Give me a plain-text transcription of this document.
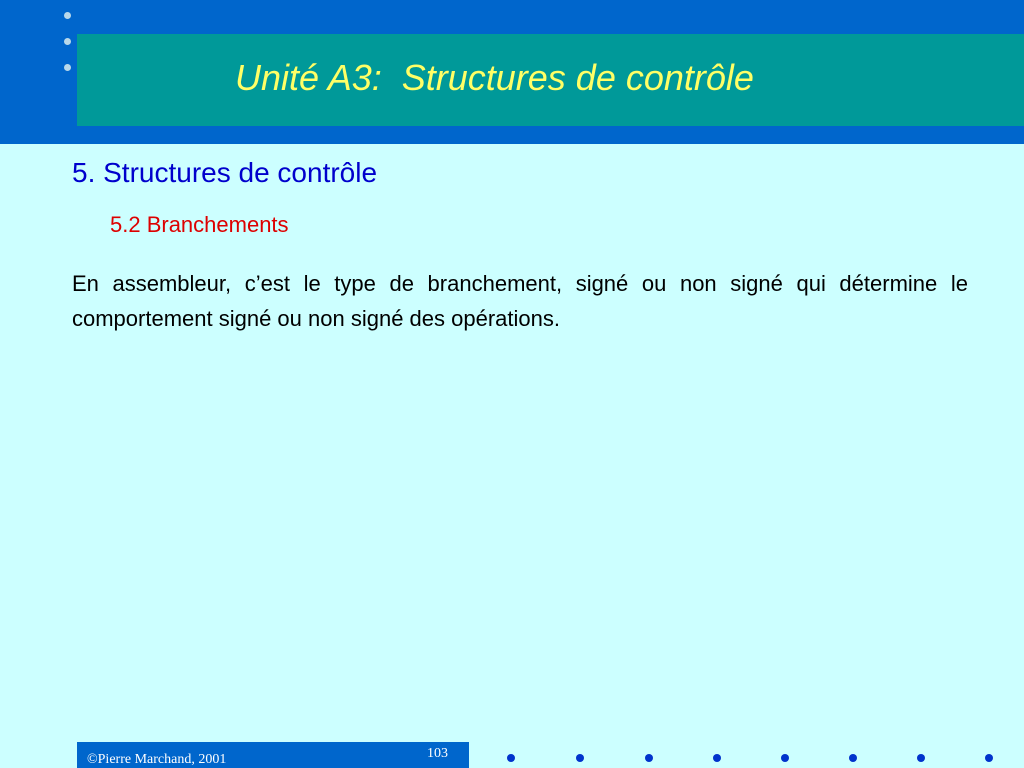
Unité A3:  Structures de contrôle
5. Structures de contrôle
5.2 Branchements

En assembleur, c’est le type de branchement, signé ou non signé qui détermine le comportement signé ou non signé des opérations.

©Pierre Marchand, 2001	103
